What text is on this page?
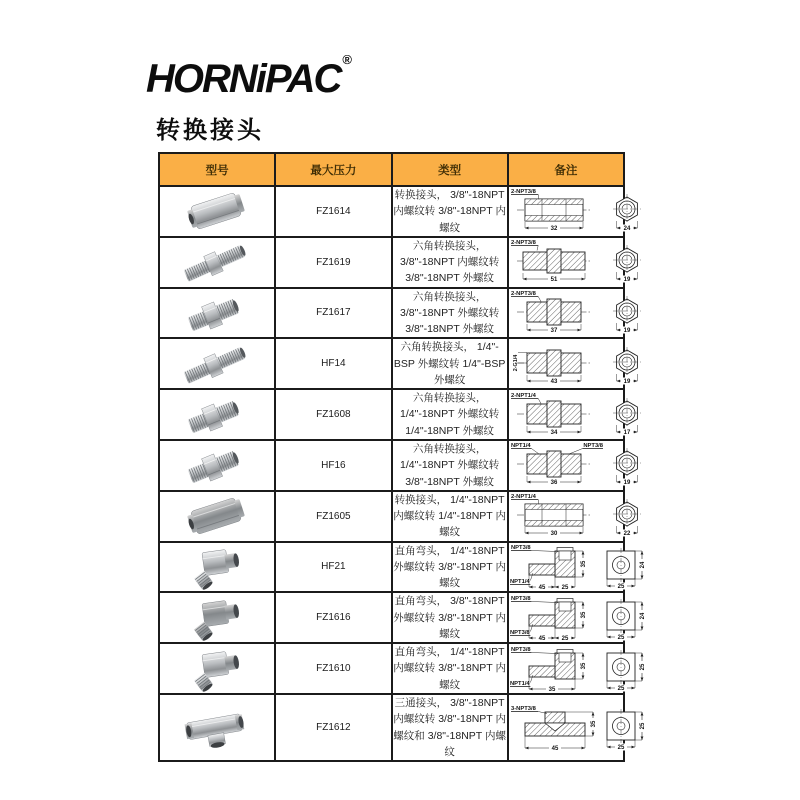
HORNiPAC ®
转换接头
型号	最大压力	类型	备注

	FZ1614	转换接头， 3/8"-18NPT 内螺纹转 3/8"-18NPT 内螺纹	32
2-NPT3/8
24

	FZ1619	六角转换接头， 3/8"-18NPT 内螺纹转 3/8"-18NPT 外螺纹	51
2-NPT3/8
19

	FZ1617	六角转换接头， 3/8"-18NPT 外螺纹转 3/8"-18NPT 外螺纹	37
2-NPT3/8
19

	HF14	六角转换接头， 1/4"-BSP 外螺纹转 1/4"-BSP 外螺纹	43
2-G1/4
19

	FZ1608	六角转换接头， 1/4"-18NPT 外螺纹转 1/4"-18NPT 外螺纹	34
2-NPT1/4
17

	HF16	六角转换接头， 1/4"-18NPT 外螺纹转 3/8"-18NPT 外螺纹	36
NPT1/4 NPT3/8
19

	FZ1605	转换接头， 1/4"-18NPT 内螺纹转 1/4"-18NPT 内螺纹	30
2-NPT1/4
22

	HF21	直角弯头， 1/4"-18NPT 外螺纹转 3/8"-18NPT 内螺纹	
NPT3/8
NPT1/4
45	25
35
25
24

	FZ1616	直角弯头， 3/8"-18NPT 外螺纹转 3/8"-18NPT 内螺纹	
NPT3/8
NPT3/8
45	25
35
25
24

	FZ1610	直角弯头， 1/4"-18NPT 内螺纹转 3/8"-18NPT 内螺纹	
NPT3/8
NPT1/4
35
35
25
25

	FZ1612	三通接头， 3/8"-18NPT 内螺纹转 3/8"-18NPT 内螺纹和 3/8"-18NPT 内螺纹	3-NPT3/8
45
35
25
25
